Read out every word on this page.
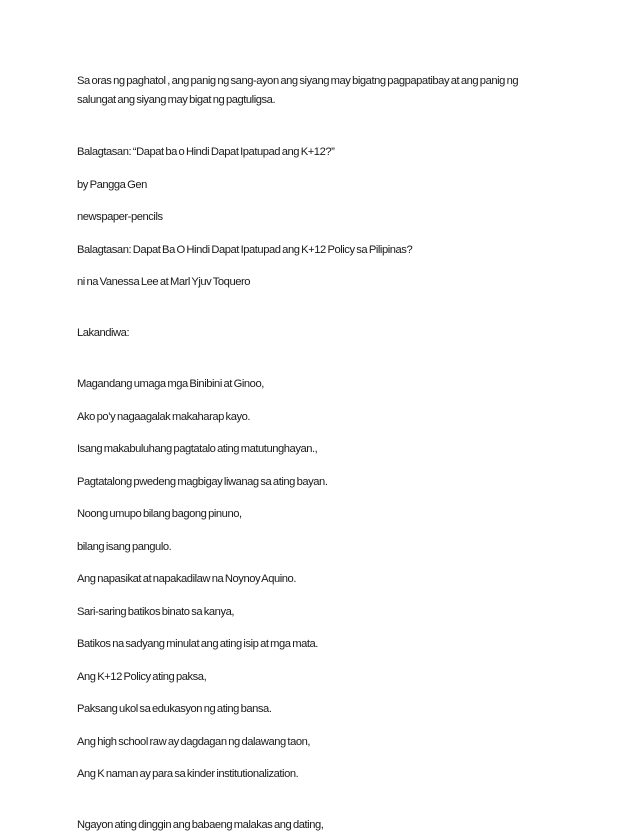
Sa oras ng paghatol , ang panig ng sang-ayon ang siyang may bigatng pagpapatibay at ang panig ng salungat ang siyang may bigat ng pagtuligsa.

Balagtasan: “Dapat ba o Hindi Dapat Ipatupad ang K+12?”

by Pangga Gen

newspaper-pencils

Balagtasan: Dapat Ba O Hindi Dapat Ipatupad ang K+12 Policy sa Pilipinas?

ni na Vanessa Lee at Marl Yjuv Toquero

Lakandiwa:

Magandang umaga mga Binibini at Ginoo,

Ako po’y nagaagalak makaharap kayo.

Isang makabuluhang pagtatalo ating matutunghayan.,

Pagtatalong pwedeng magbigay liwanag sa ating bayan.

Noong umupo bilang bagong pinuno,

bilang isang pangulo.

Ang napasikat at napakadilaw na Noynoy Aquino.

Sari-saring batikos binato sa kanya,

Batikos na sadyang minulat ang ating isip at mga mata.

Ang K+12 Policy ating paksa,

Paksang ukol sa edukasyon ng ating bansa.

Ang high school raw ay dagdagan ng dalawang taon,

Ang K naman ay para sa kinder institutionalization.

Ngayon ating dinggin ang babaeng malakas ang dating,
